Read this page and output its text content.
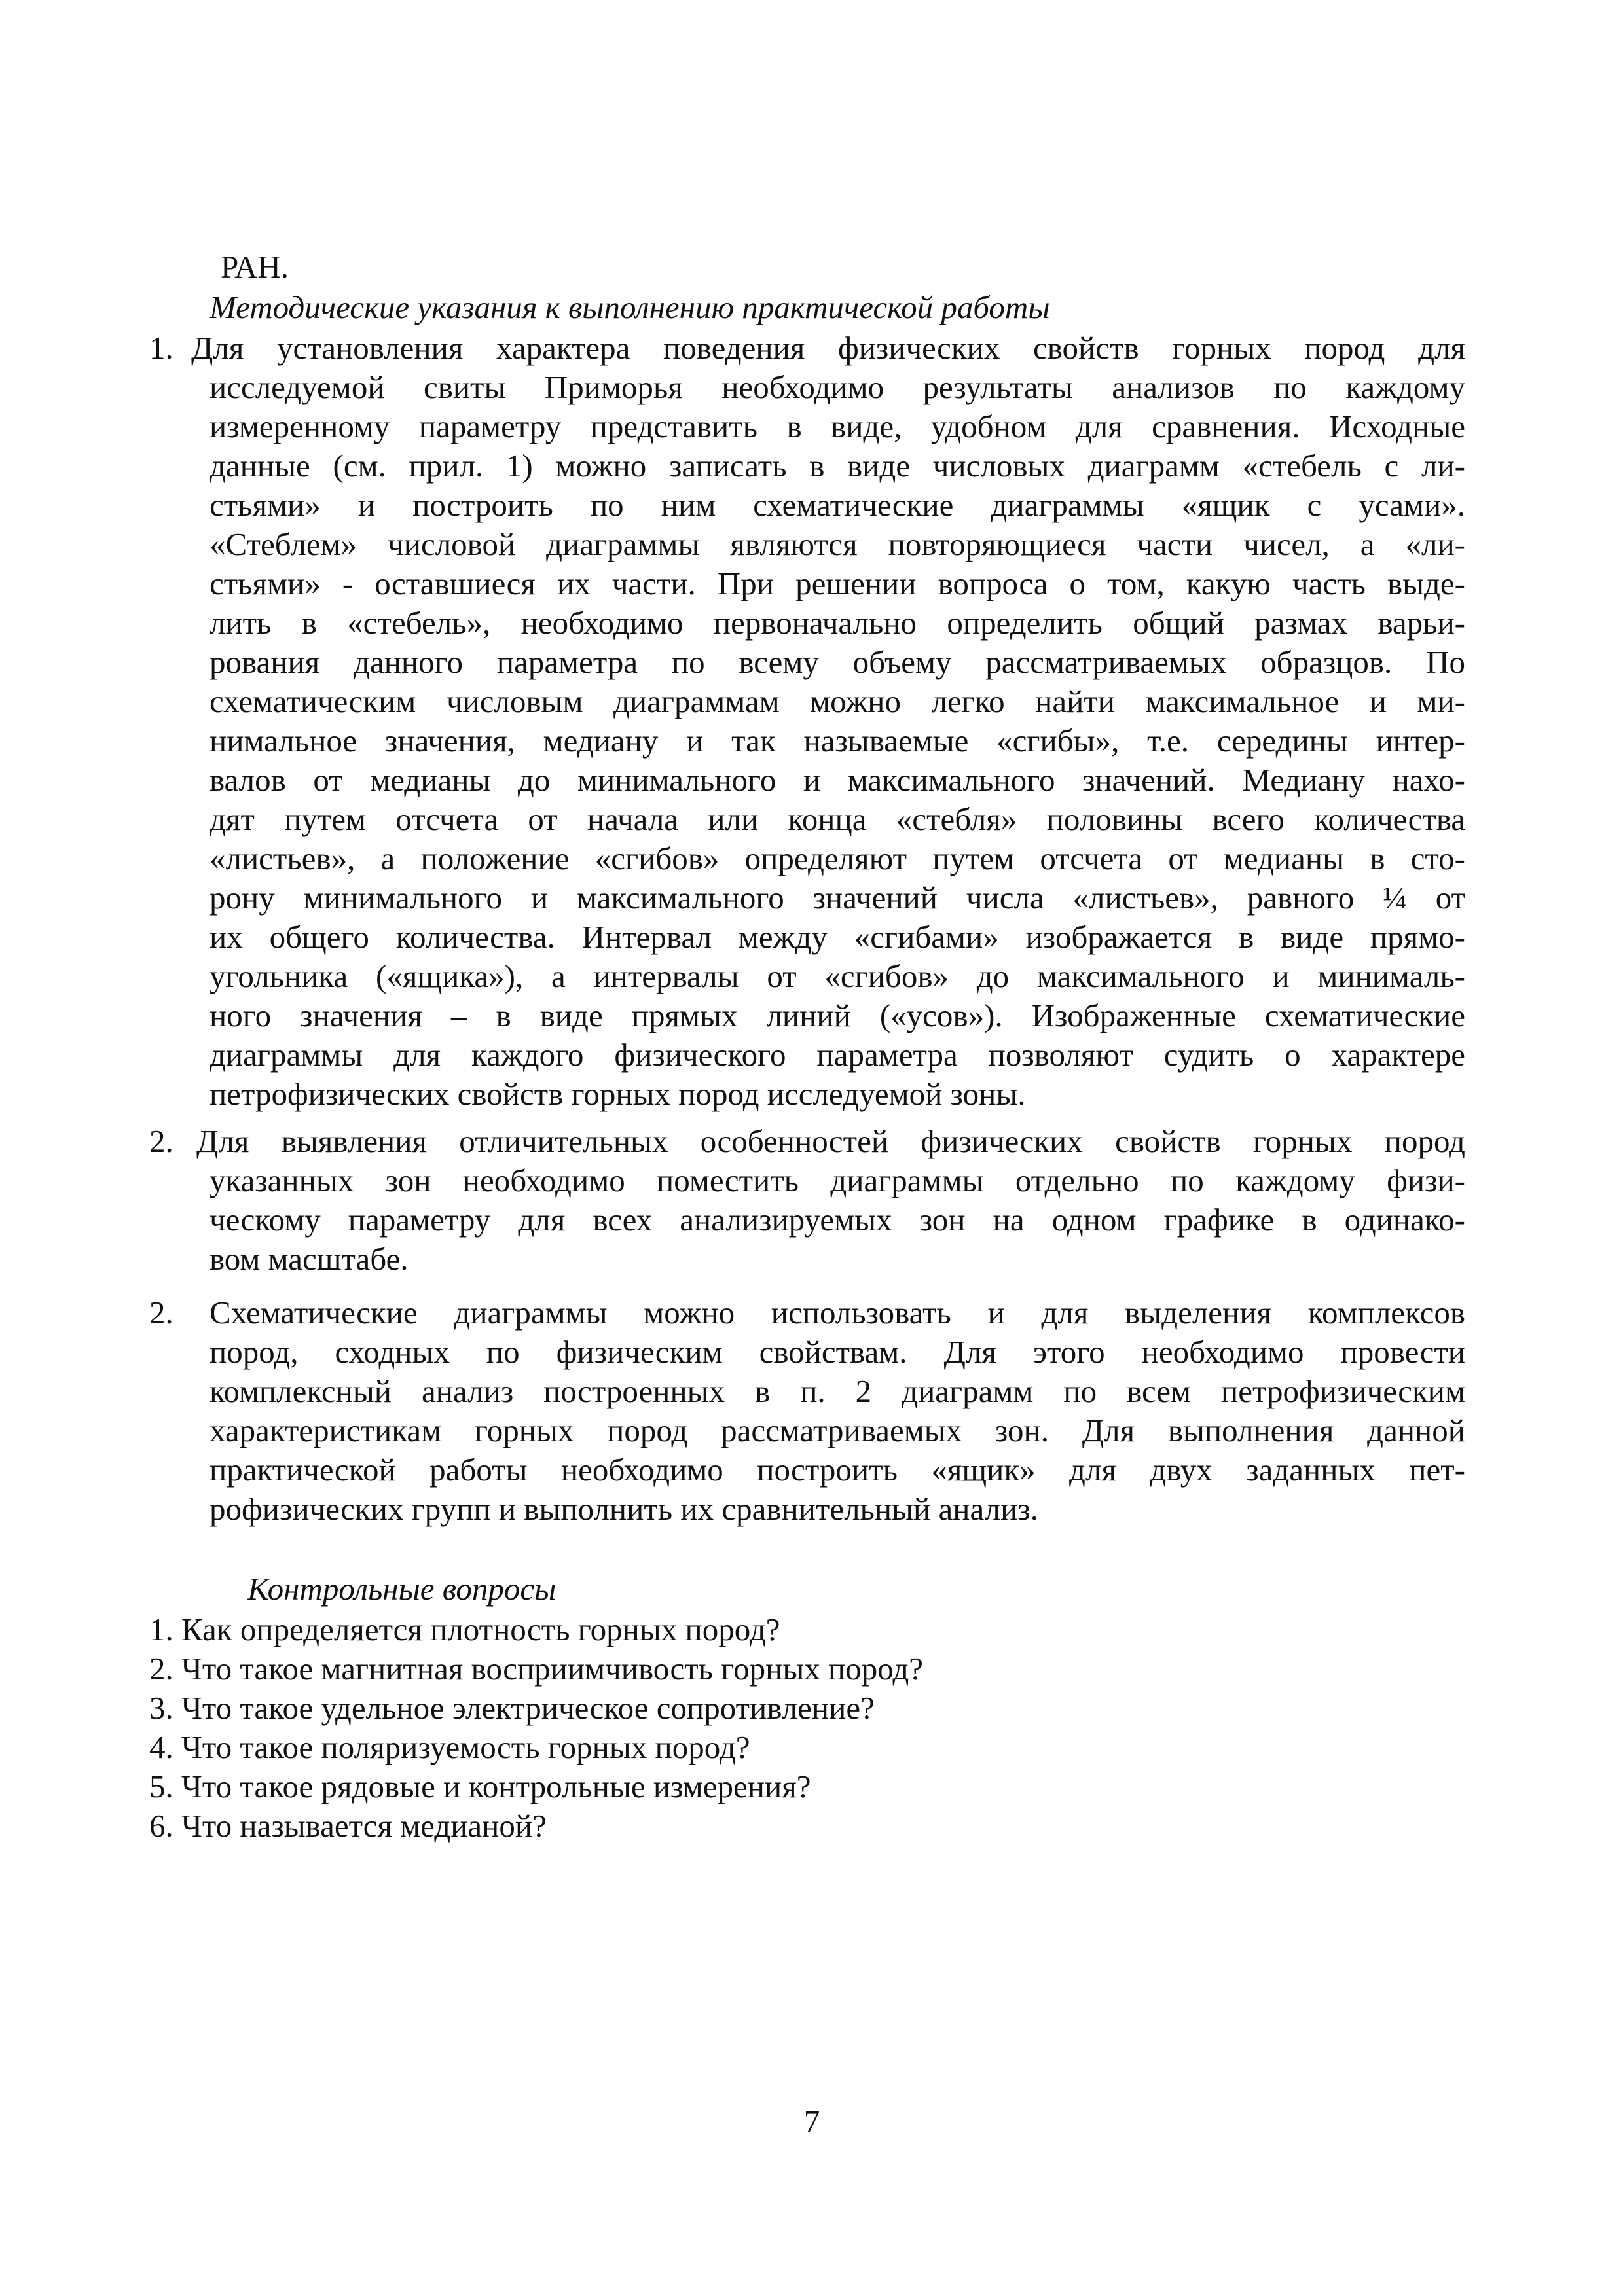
РАН.
Методические указания к выполнению практической работы
1. Для установления характера поведения физических свойств горных пород для
исследуемой свиты Приморья необходимо результаты анализов по каждому
измеренному параметру представить в виде, удобном для сравнения. Исходные
данные (см. прил. 1) можно записать в виде числовых диаграмм «стебель с ли-
стьями» и построить по ним схематические диаграммы «ящик с усами».
«Стеблем» числовой диаграммы являются повторяющиеся части чисел, а «ли-
стьями» - оставшиеся их части. При решении вопроса о том, какую часть выде-
лить в «стебель», необходимо первоначально определить общий размах варьи-
рования данного параметра по всему объему рассматриваемых образцов. По
схематическим числовым диаграммам можно легко найти максимальное и ми-
нимальное значения, медиану и так называемые «сгибы», т.е. середины интер-
валов от медианы до минимального и максимального значений. Медиану нахо-
дят путем отсчета от начала или конца «стебля» половины всего количества
«листьев», а положение «сгибов» определяют путем отсчета от медианы в сто-
рону минимального и максимального значений числа «листьев», равного ¼ от
их общего количества. Интервал между «сгибами» изображается в виде прямо-
угольника («ящика»), а интервалы от «сгибов» до максимального и минималь-
ного значения – в виде прямых линий («усов»). Изображенные схематические
диаграммы для каждого физического параметра позволяют судить о характере
петрофизических свойств горных пород исследуемой зоны.
2. Для выявления отличительных особенностей физических свойств горных пород
указанных зон необходимо поместить диаграммы отдельно по каждому физи-
ческому параметру для всех анализируемых зон на одном графике в одинако-
вом масштабе.
2. Схематические диаграммы можно использовать и для выделения комплексов
пород, сходных по физическим свойствам. Для этого необходимо провести
комплексный анализ построенных в п. 2 диаграмм по всем петрофизическим
характеристикам горных пород рассматриваемых зон. Для выполнения данной
практической работы необходимо построить «ящик» для двух заданных пет-
рофизических групп и выполнить их сравнительный анализ.
Контрольные вопросы
1. Как определяется плотность горных пород?
2. Что такое магнитная восприимчивость горных пород?
3. Что такое удельное электрическое сопротивление?
4. Что такое поляризуемость горных пород?
5. Что такое рядовые и контрольные измерения?
6. Что называется медианой?
7
